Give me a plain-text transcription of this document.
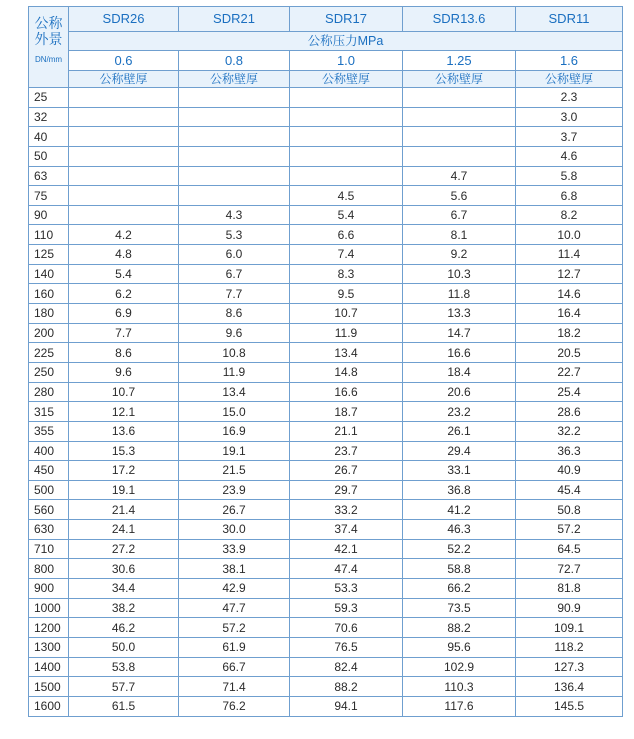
公称
外景
DN/mm	SDR26	SDR21	SDR17	SDR13.6	SDR11
	公称压力MPa				
	0.6	0.8	1.0	1.25	1.6
	公称壁厚	公称壁厚	公称壁厚	公称壁厚	公称壁厚
25					2.3
32					3.0
40					3.7
50					4.6
63				4.7	5.8
75			4.5	5.6	6.8
90		4.3	5.4	6.7	8.2
110	4.2	5.3	6.6	8.1	10.0
125	4.8	6.0	7.4	9.2	11.4
140	5.4	6.7	8.3	10.3	12.7
160	6.2	7.7	9.5	11.8	14.6
180	6.9	8.6	10.7	13.3	16.4
200	7.7	9.6	11.9	14.7	18.2
225	8.6	10.8	13.4	16.6	20.5
250	9.6	11.9	14.8	18.4	22.7
280	10.7	13.4	16.6	20.6	25.4
315	12.1	15.0	18.7	23.2	28.6
355	13.6	16.9	21.1	26.1	32.2
400	15.3	19.1	23.7	29.4	36.3
450	17.2	21.5	26.7	33.1	40.9
500	19.1	23.9	29.7	36.8	45.4
560	21.4	26.7	33.2	41.2	50.8
630	24.1	30.0	37.4	46.3	57.2
710	27.2	33.9	42.1	52.2	64.5
800	30.6	38.1	47.4	58.8	72.7
900	34.4	42.9	53.3	66.2	81.8
1000	38.2	47.7	59.3	73.5	90.9
1200	46.2	57.2	70.6	88.2	109.1
1300	50.0	61.9	76.5	95.6	118.2
1400	53.8	66.7	82.4	102.9	127.3
1500	57.7	71.4	88.2	110.3	136.4
1600	61.5	76.2	94.1	117.6	145.5
